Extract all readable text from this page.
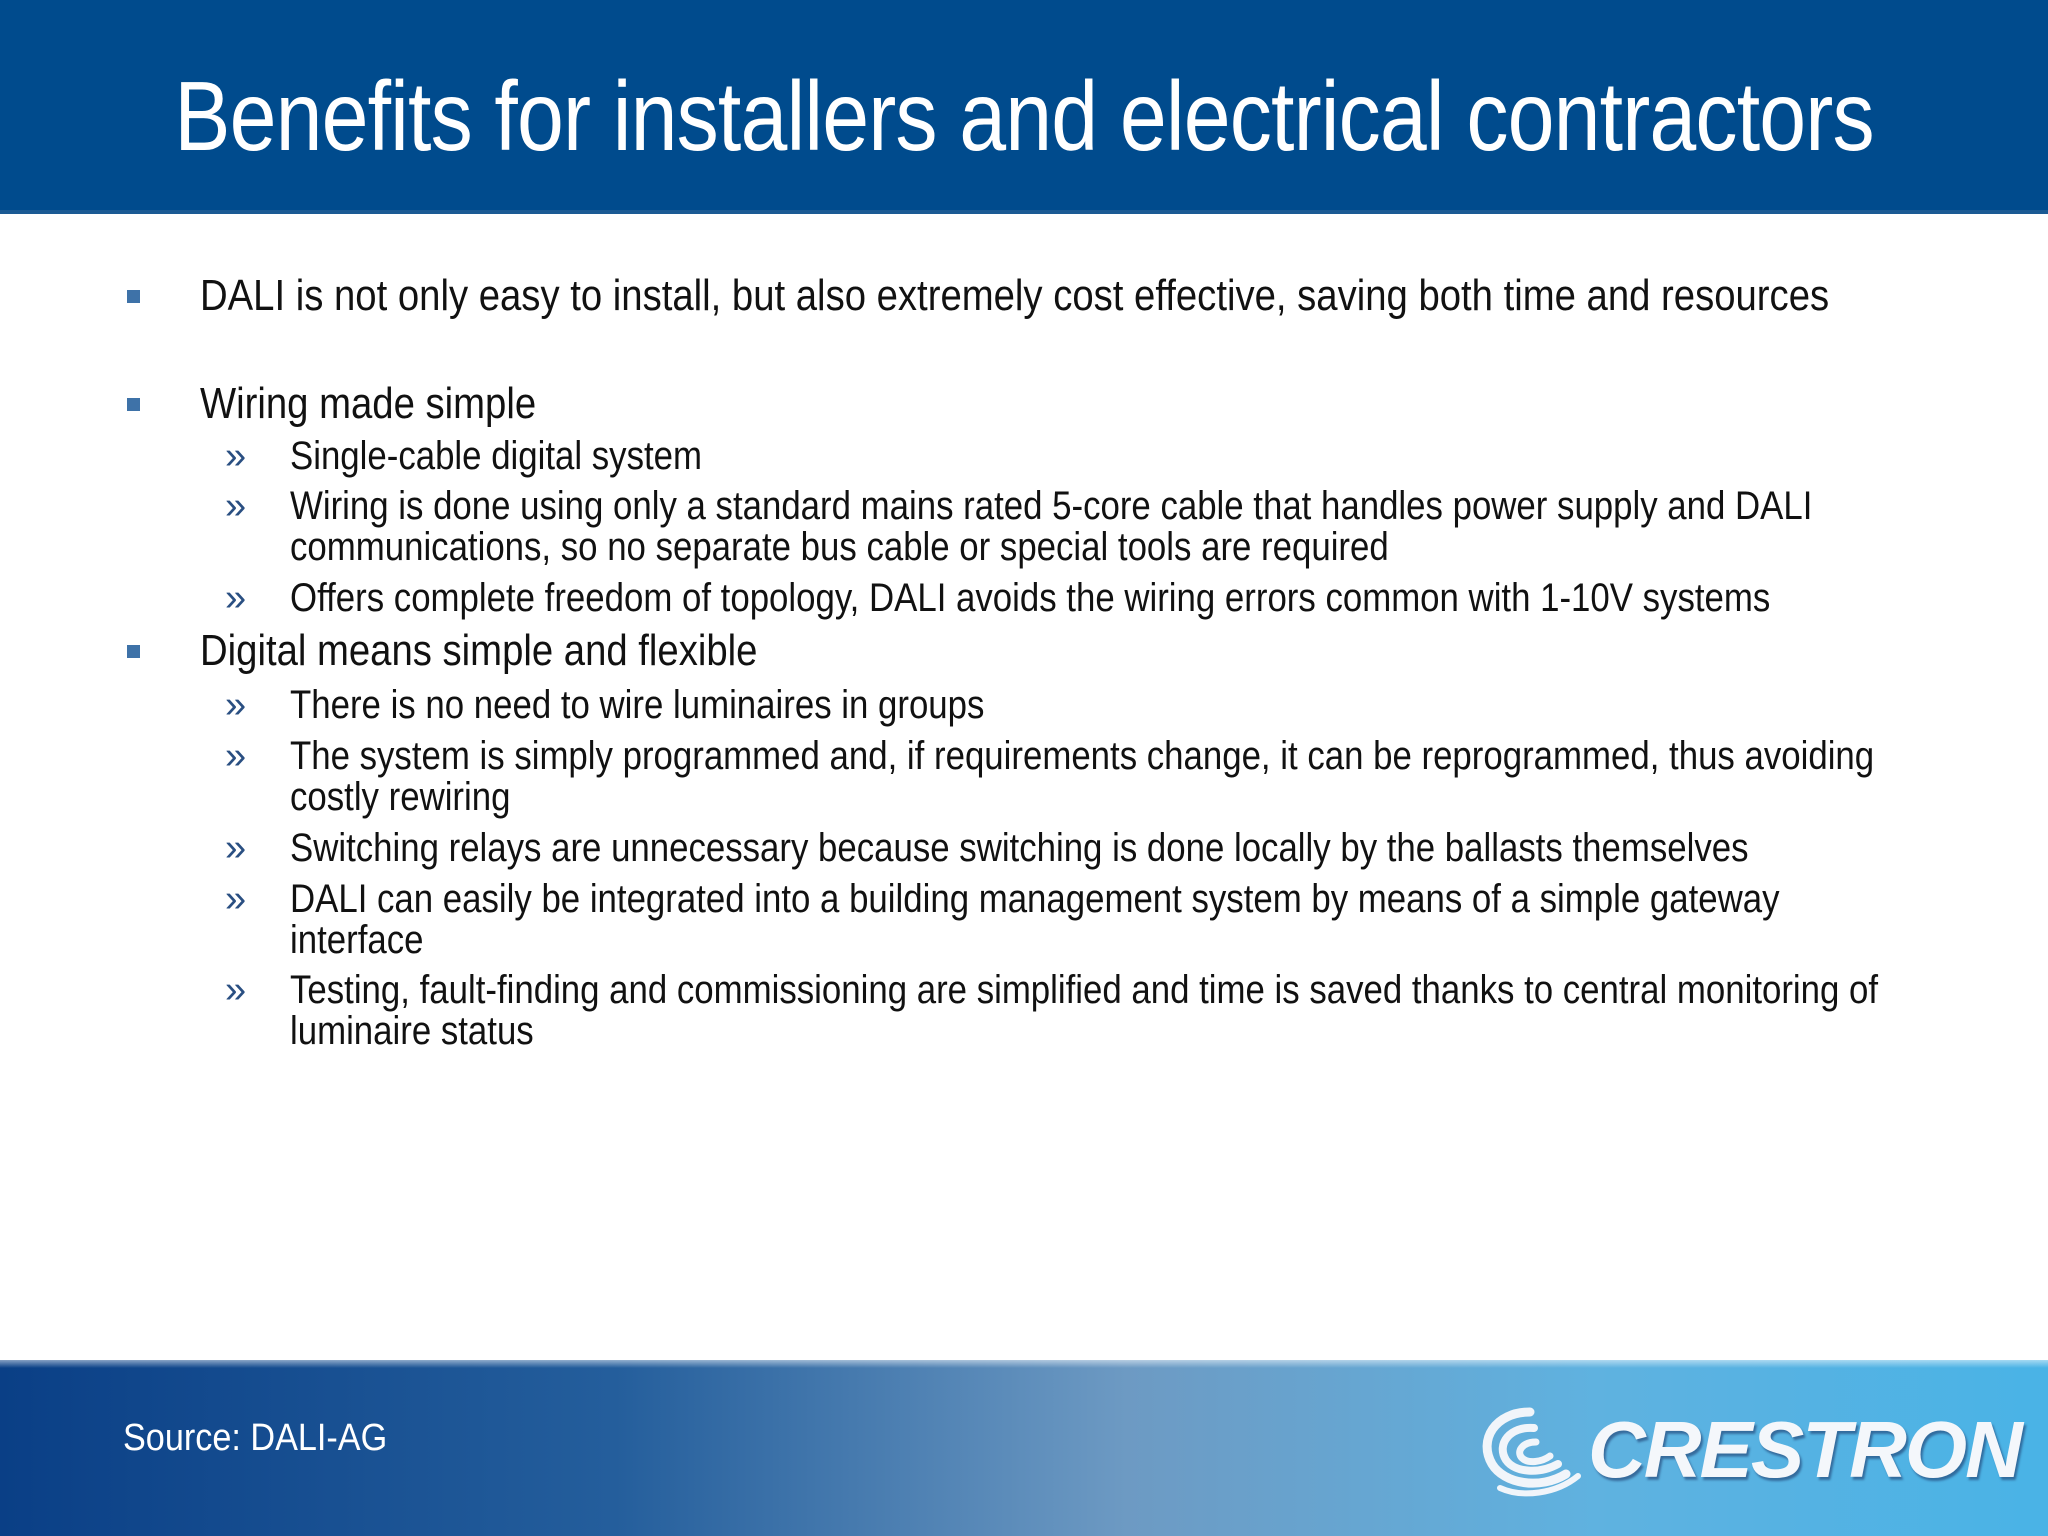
Benefits for installers and electrical contractors
DALI is not only easy to install, but also extremely cost effective, saving both time and resources
Wiring made simple
» Single-cable digital system
» Wiring is done using only a standard mains rated 5-core cable that handles power supply and DALI
communications, so no separate bus cable or special tools are required
» Offers complete freedom of topology, DALI avoids the wiring errors common with 1-10V systems
Digital means simple and flexible
» There is no need to wire luminaires in groups
» The system is simply programmed and, if requirements change, it can be reprogrammed, thus avoiding
costly rewiring
» Switching relays are unnecessary because switching is done locally by the ballasts themselves
» DALI can easily be integrated into a building management system by means of a simple gateway
interface
» Testing, fault-finding and commissioning are simplified and time is saved thanks to central monitoring of
luminaire status
Source: DALI-AG	CRESTRON
